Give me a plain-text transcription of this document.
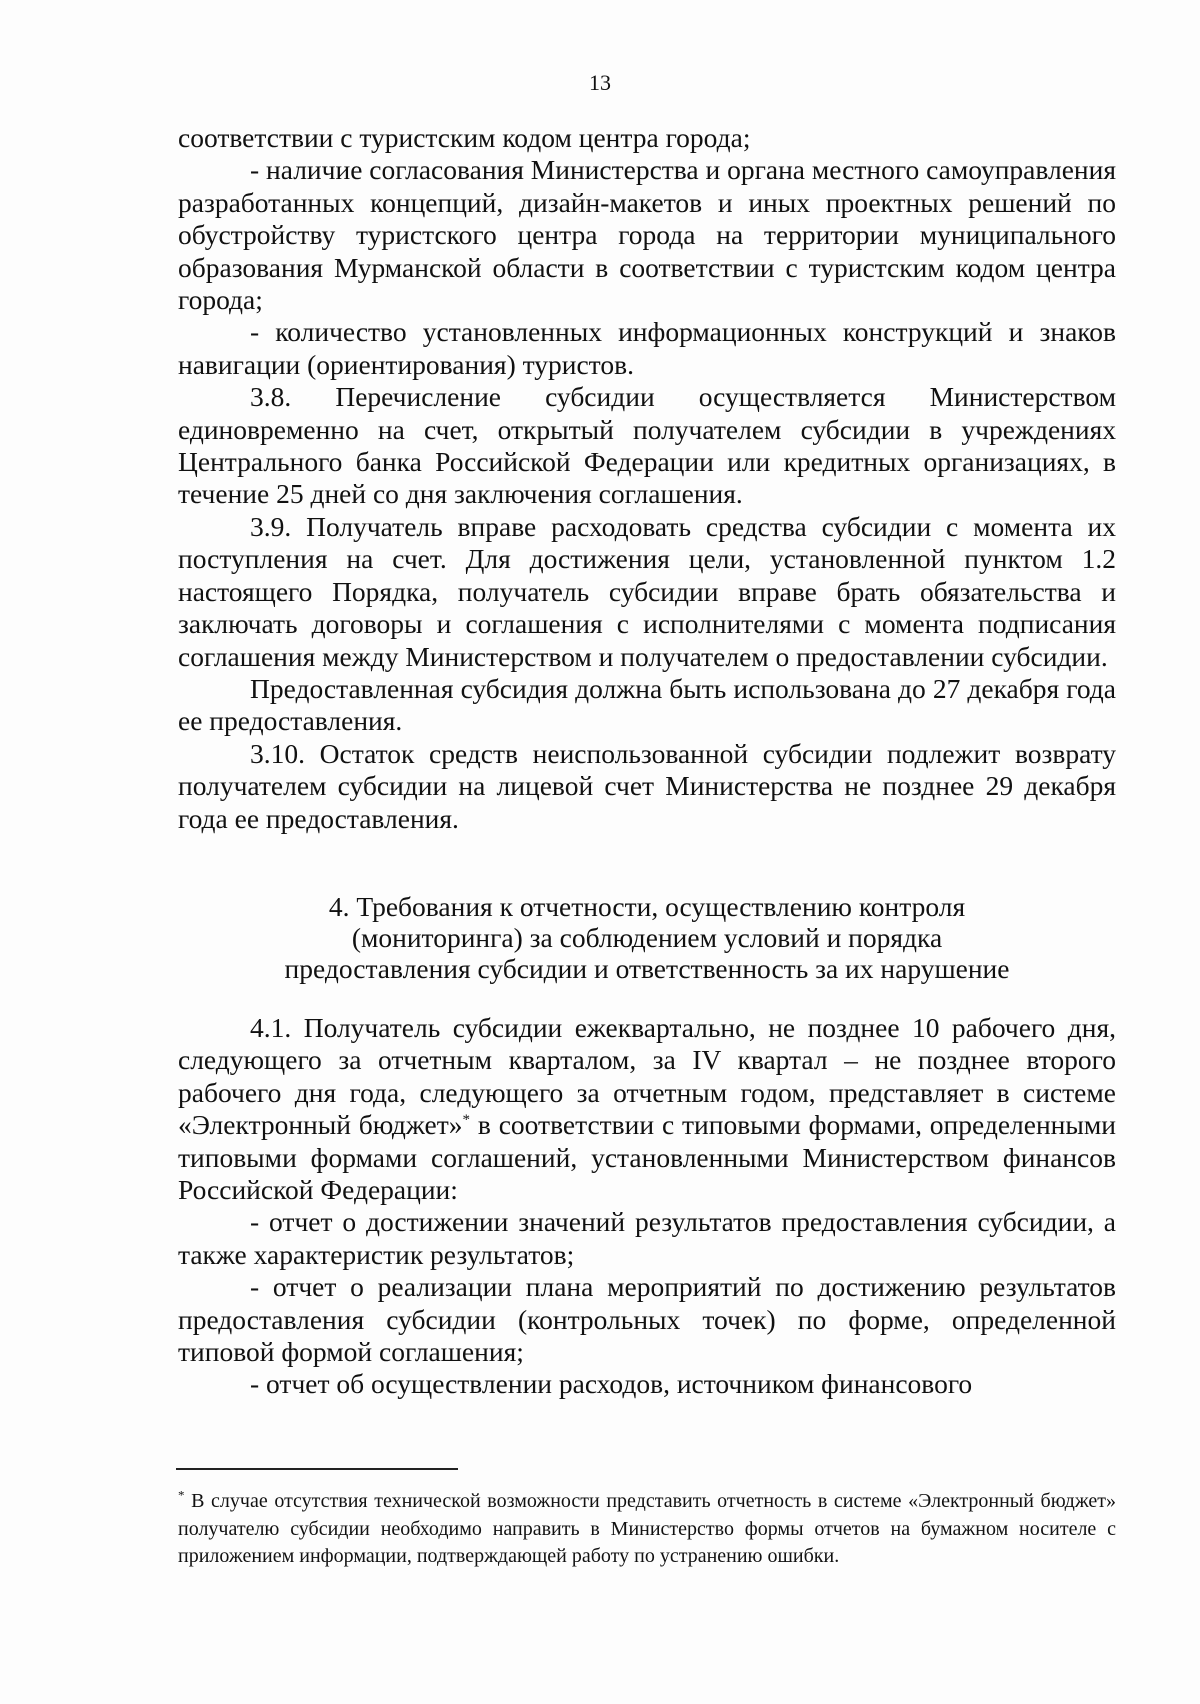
13

соответствии с туристским кодом центра города;

- наличие согласования Министерства и органа местного самоуправления разработанных концепций, дизайн-макетов и иных проектных решений по обустройству туристского центра города на территории муниципального образования Мурманской области в соответствии с туристским кодом центра города;

- количество установленных информационных конструкций и знаков навигации (ориентирования) туристов.

3.8. Перечисление субсидии осуществляется Министерством единовременно на счет, открытый получателем субсидии в учреждениях Центрального банка Российской Федерации или кредитных организациях, в течение 25 дней со дня заключения соглашения.

3.9. Получатель вправе расходовать средства субсидии с момента их поступления на счет. Для достижения цели, установленной пунктом 1.2 настоящего Порядка, получатель субсидии вправе брать обязательства и заключать договоры и соглашения с исполнителями с момента подписания соглашения между Министерством и получателем о предоставлении субсидии.

Предоставленная субсидия должна быть использована до 27 декабря года ее предоставления.

3.10. Остаток средств неиспользованной субсидии подлежит возврату получателем субсидии на лицевой счет Министерства не позднее 29 декабря года ее предоставления.

4. Требования к отчетности, осуществлению контроля
(мониторинга) за соблюдением условий и порядка
предоставления субсидии и ответственность за их нарушение

4.1. Получатель субсидии ежеквартально, не позднее 10 рабочего дня, следующего за отчетным кварталом, за IV квартал – не позднее второго рабочего дня года, следующего за отчетным годом, представляет в системе «Электронный бюджет»* в соответствии с типовыми формами, определенными типовыми формами соглашений, установленными Министерством финансов Российской Федерации:

- отчет о достижении значений результатов предоставления субсидии, а также характеристик результатов;

- отчет о реализации плана мероприятий по достижению результатов предоставления субсидии (контрольных точек) по форме, определенной типовой формой соглашения;

- отчет об осуществлении расходов, источником финансового

* В случае отсутствия технической возможности представить отчетность в системе «Электронный бюджет» получателю субсидии необходимо направить в Министерство формы отчетов на бумажном носителе с приложением информации, подтверждающей работу по устранению ошибки.
